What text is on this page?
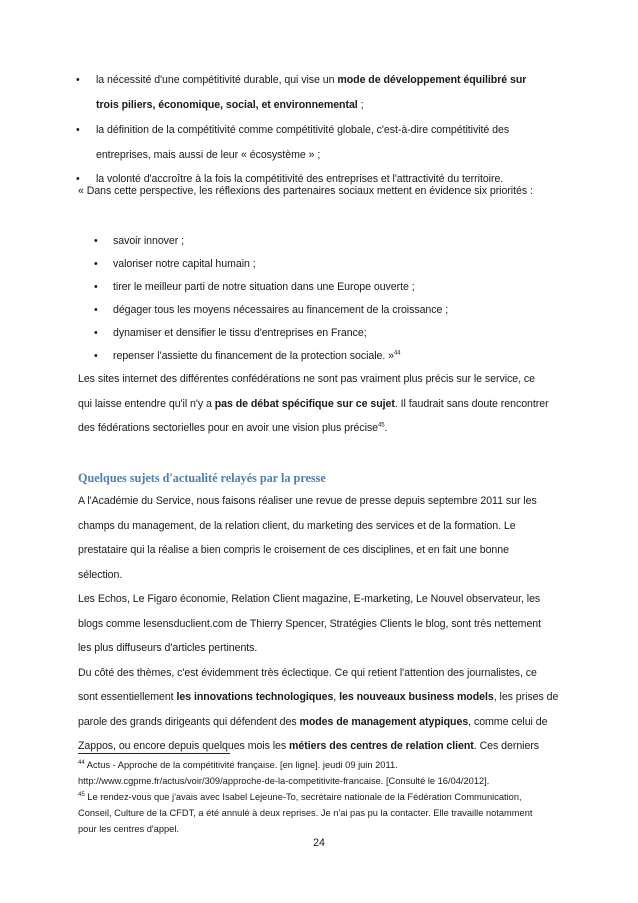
• la nécessité d'une compétitivité durable, qui vise un mode de développement équilibré sur
trois piliers, économique, social, et environnemental ;
• la définition de la compétitivité comme compétitivité globale, c'est-à-dire compétitivité des
entreprises, mais aussi de leur « écosystème » ;
• la volonté d'accroître à la fois la compétitivité des entreprises et l'attractivité du territoire.
« Dans cette perspective, les réflexions des partenaires sociaux mettent en évidence six priorités :
• savoir innover ;
• valoriser notre capital humain ;
• tirer le meilleur parti de notre situation dans une Europe ouverte ;
• dégager tous les moyens nécessaires au financement de la croissance ;
• dynamiser et densifier le tissu d'entreprises en France;
• repenser l'assiette du financement de la protection sociale. »$^{44}$
Les sites internet des différentes confédérations ne sont pas vraiment plus précis sur le service, ce
qui laisse entendre qu'il n'y a pas de débat spécifique sur ce sujet. Il faudrait sans doute rencontrer
des fédérations sectorielles pour en avoir une vision plus précise$^{45}$.
Quelques sujets d'actualité relayés par la presse
A l'Académie du Service, nous faisons réaliser une revue de presse depuis septembre 2011 sur les
champs du management, de la relation client, du marketing des services et de la formation. Le
prestataire qui la réalise a bien compris le croisement de ces disciplines, et en fait une bonne
sélection.
Les Echos, Le Figaro économie, Relation Client magazine, E-marketing, Le Nouvel observateur, les
blogs comme lesensduclient.com de Thierry Spencer, Stratégies Clients le blog, sont très nettement
les plus diffuseurs d'articles pertinents.
Du côté des thèmes, c'est évidemment très éclectique. Ce qui retient l'attention des journalistes, ce
sont essentiellement les innovations technologiques, les nouveaux business models, les prises de
parole des grands dirigeants qui défendent des modes de management atypiques, comme celui de
Zappos, ou encore depuis quelques mois les métiers des centres de relation client. Ces derniers
$^{44}$ Actus - Approche de la compétitivité française. [en ligne]. jeudi 09 juin 2011.
http://www.cgpme.fr/actus/voir/309/approche-de-la-competitivite-francaise. [Consulté le 16/04/2012].
$^{45}$ Le rendez-vous que j'avais avec Isabel Lejeune-To, secrétaire nationale de la Fédération Communication,
Conseil, Culture de la CFDT, a été annulé à deux reprises. Je n'ai pas pu la contacter. Elle travaille notamment
pour les centres d'appel.
24
